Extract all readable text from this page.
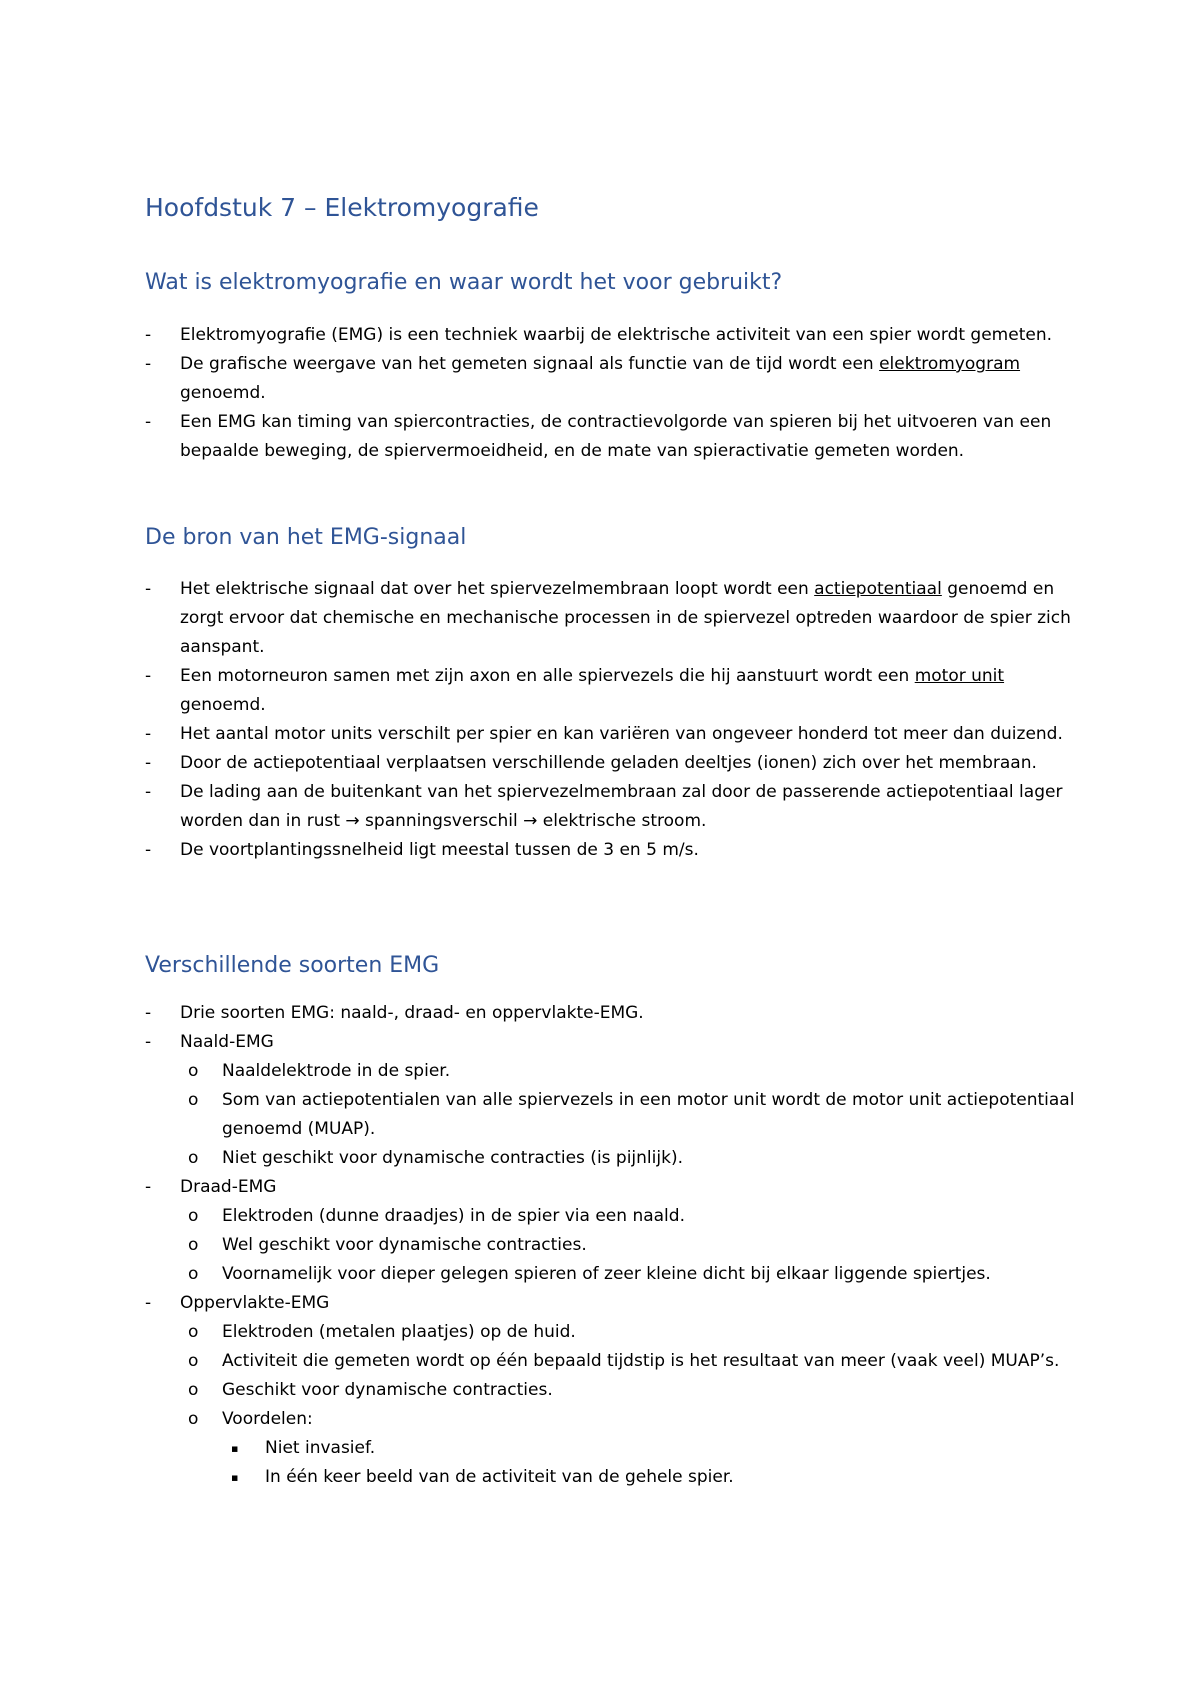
Hoofdstuk 7 – Elektromyografie
Wat is elektromyografie en waar wordt het voor gebruikt?
- Elektromyografie (EMG) is een techniek waarbij de elektrische activiteit van een spier wordt gemeten.
- De grafische weergave van het gemeten signaal als functie van de tijd wordt een elektromyogram genoemd.
- Een EMG kan timing van spiercontracties, de contractievolgorde van spieren bij het uitvoeren van een bepaalde beweging, de spiervermoeidheid, en de mate van spieractivatie gemeten worden.
De bron van het EMG-signaal
- Het elektrische signaal dat over het spiervezelmembraan loopt wordt een actiepotentiaal genoemd en zorgt ervoor dat chemische en mechanische processen in de spiervezel optreden waardoor de spier zich aanspant.
- Een motorneuron samen met zijn axon en alle spiervezels die hij aanstuurt wordt een motor unit genoemd.
- Het aantal motor units verschilt per spier en kan variëren van ongeveer honderd tot meer dan duizend.
- Door de actiepotentiaal verplaatsen verschillende geladen deeltjes (ionen) zich over het membraan.
- De lading aan de buitenkant van het spiervezelmembraan zal door de passerende actiepotentiaal lager worden dan in rust → spanningsverschil → elektrische stroom.
- De voortplantingssnelheid ligt meestal tussen de 3 en 5 m/s.
Verschillende soorten EMG
- Drie soorten EMG: naald-, draad- en oppervlakte-EMG.
- Naald-EMG
o Naaldelektrode in de spier.
o Som van actiepotentialen van alle spiervezels in een motor unit wordt de motor unit actiepotentiaal genoemd (MUAP).
o Niet geschikt voor dynamische contracties (is pijnlijk).
- Draad-EMG
o Elektroden (dunne draadjes) in de spier via een naald.
o Wel geschikt voor dynamische contracties.
o Voornamelijk voor dieper gelegen spieren of zeer kleine dicht bij elkaar liggende spiertjes.
- Oppervlakte-EMG
o Elektroden (metalen plaatjes) op de huid.
o Activiteit die gemeten wordt op één bepaald tijdstip is het resultaat van meer (vaak veel) MUAP’s.
o Geschikt voor dynamische contracties.
o Voordelen:
▪ Niet invasief.
▪ In één keer beeld van de activiteit van de gehele spier.
